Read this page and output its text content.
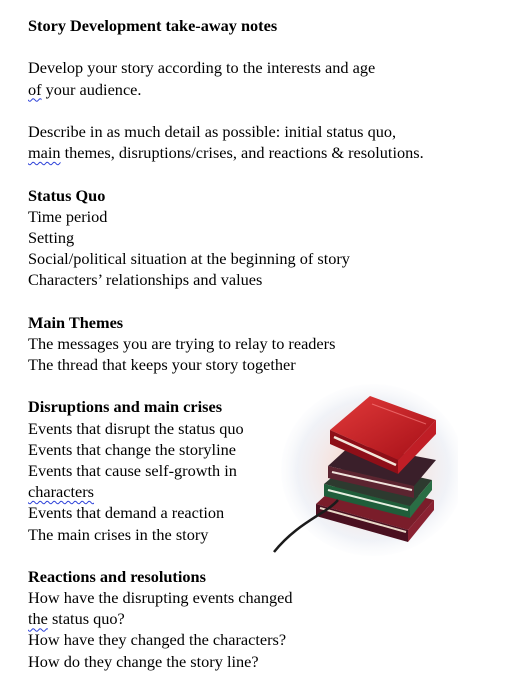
Story Development take-away notes
Develop your story according to the interests and age
of your audience.
Describe in as much detail as possible: initial status quo,
main themes, disruptions/crises, and reactions & resolutions.
Status Quo
Time period
Setting
Social/political situation at the beginning of story
Characters’ relationships and values
Main Themes
The messages you are trying to relay to readers
The thread that keeps your story together
Disruptions and main crises
Events that disrupt the status quo
Events that change the storyline
Events that cause self-growth in
characters
Events that demand a reaction
The main crises in the story
Reactions and resolutions
How have the disrupting events changed
the status quo?
How have they changed the characters?
How do they change the story line?
